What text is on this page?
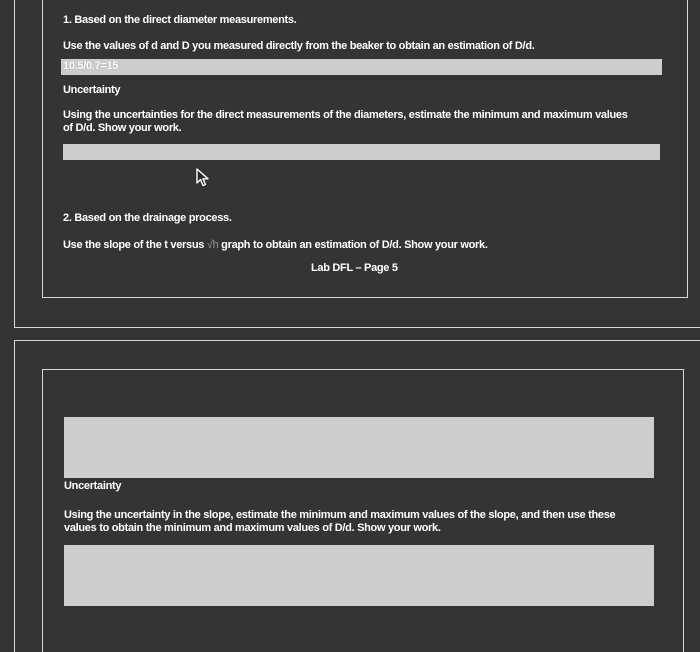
1. Based on the direct diameter measurements.
Use the values of d and D you measured directly from the beaker to obtain an estimation of D/d.
10.5/0.7=15
Uncertainty
Using the uncertainties for the direct measurements of the diameters, estimate the minimum and maximum values
of D/d. Show your work.
2. Based on the drainage process.
Use the slope of the t versus √h graph to obtain an estimation of D/d. Show your work.
Lab DFL – Page 5
Uncertainty
Using the uncertainty in the slope, estimate the minimum and maximum values of the slope, and then use these
values to obtain the minimum and maximum values of D/d. Show your work.
